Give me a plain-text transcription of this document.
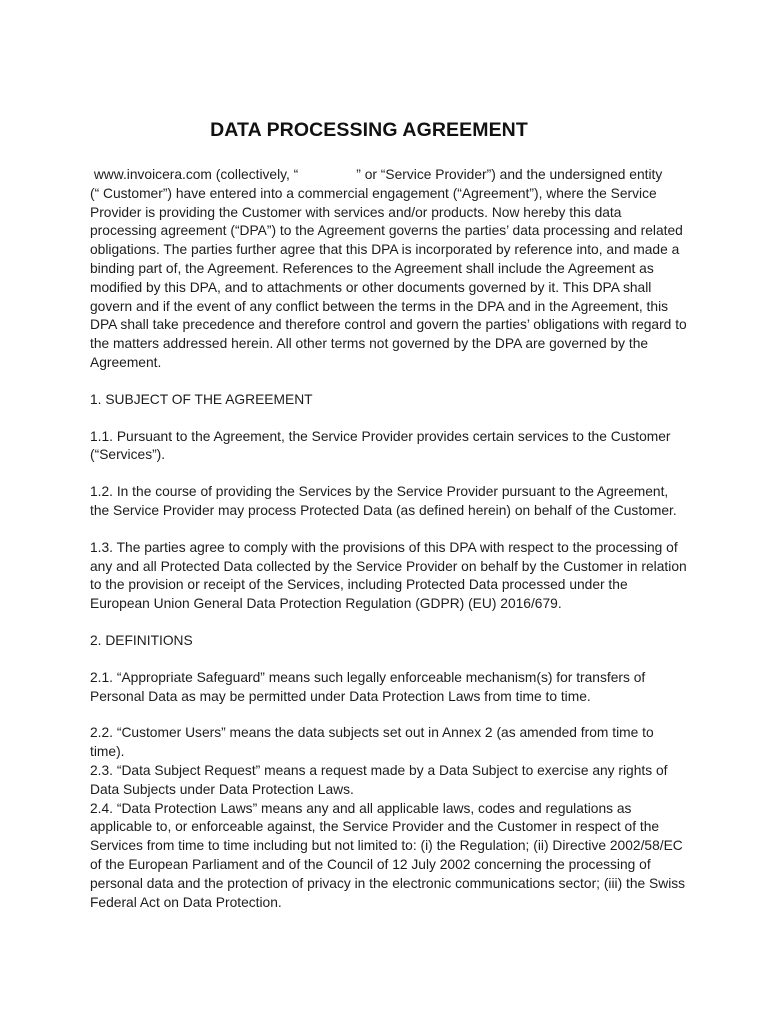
DATA PROCESSING AGREEMENT

www.invoicera.com (collectively, “	” or “Service Provider”) and the undersigned entity
(“ Customer”) have entered into a commercial engagement (“Agreement”), where the Service Provider is providing the Customer with services and/or products. Now hereby this data processing agreement (“DPA”) to the Agreement governs the parties’ data processing and related obligations. The parties further agree that this DPA is incorporated by reference into, and made a binding part of, the Agreement. References to the Agreement shall include the Agreement as modified by this DPA, and to attachments or other documents governed by it. This DPA shall govern and if the event of any conflict between the terms in the DPA and in the Agreement, this DPA shall take precedence and therefore control and govern the parties’ obligations with regard to the matters addressed herein. All other terms not governed by the DPA are governed by the Agreement.

1. SUBJECT OF THE AGREEMENT

1.1. Pursuant to the Agreement, the Service Provider provides certain services to the Customer (“Services”).

1.2. In the course of providing the Services by the Service Provider pursuant to the Agreement, the Service Provider may process Protected Data (as defined herein) on behalf of the Customer.

1.3. The parties agree to comply with the provisions of this DPA with respect to the processing of any and all Protected Data collected by the Service Provider on behalf by the Customer in relation to the provision or receipt of the Services, including Protected Data processed under the European Union General Data Protection Regulation (GDPR) (EU) 2016/679.

2. DEFINITIONS

2.1. “Appropriate Safeguard” means such legally enforceable mechanism(s) for transfers of Personal Data as may be permitted under Data Protection Laws from time to time.

2.2. “Customer Users” means the data subjects set out in Annex 2 (as amended from time to time).

2.3. “Data Subject Request” means a request made by a Data Subject to exercise any rights of Data Subjects under Data Protection Laws.

2.4. “Data Protection Laws” means any and all applicable laws, codes and regulations as applicable to, or enforceable against, the Service Provider and the Customer in respect of the Services from time to time including but not limited to: (i) the Regulation; (ii) Directive 2002/58/EC of the European Parliament and of the Council of 12 July 2002 concerning the processing of personal data and the protection of privacy in the electronic communications sector; (iii) the Swiss Federal Act on Data Protection.
